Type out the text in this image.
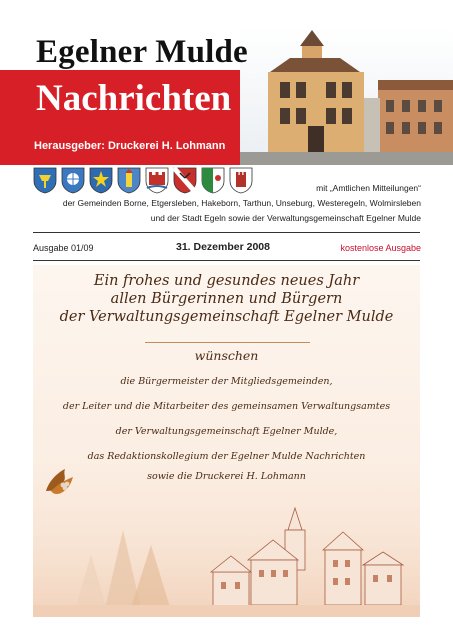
Egelner Mulde
Nachrichten
Herausgeber: Druckerei H. Lohmann
mit „Amtlichen Mitteilungen“
der Gemeinden Borne, Etgersleben, Hakeborn, Tarthun, Unseburg, Westeregeln, Wolmirsleben
und der Stadt Egeln sowie der Verwaltungsgemeinschaft Egelner Mulde
Ausgabe 01/09	31. Dezember 2008	kostenlose Ausgabe
Ein frohes und gesundes neues Jahr
allen Bürgerinnen und Bürgern
der Verwaltungsgemeinschaft Egelner Mulde
wünschen
die Bürgermeister der Mitgliedsgemeinden,
der Leiter und die Mitarbeiter des gemeinsamen Verwaltungsamtes
der Verwaltungsgemeinschaft Egelner Mulde,
das Redaktionskollegium der Egelner Mulde Nachrichten
sowie die Druckerei H. Lohmann
